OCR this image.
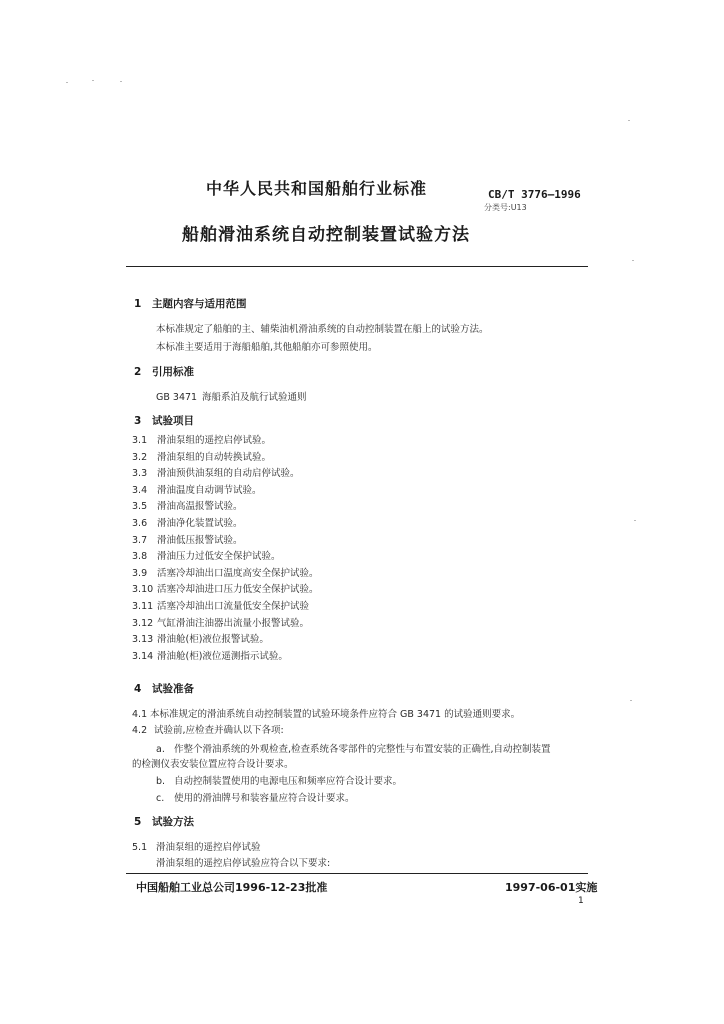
中华人民共和国船舶行业标准	CB/T 3776—1996
分类号:U13
船舶滑油系统自动控制装置试验方法
1 主题内容与适用范围
本标准规定了船舶的主、辅柴油机滑油系统的自动控制装置在船上的试验方法。
本标准主要适用于海船船舶,其他船舶亦可参照使用。
2 引用标准
GB 3471 海船系泊及航行试验通则
3 试验项目
3.1 滑油泵组的遥控启停试验。
3.2 滑油泵组的自动转换试验。
3.3 滑油预供油泵组的自动启停试验。
3.4 滑油温度自动调节试验。
3.5 滑油高温报警试验。
3.6 滑油净化装置试验。
3.7 滑油低压报警试验。
3.8 滑油压力过低安全保护试验。
3.9 活塞冷却油出口温度高安全保护试验。
3.10 活塞冷却油进口压力低安全保护试验。
3.11 活塞冷却油出口流量低安全保护试验
3.12 气缸滑油注油器出流量小报警试验。
3.13 滑油舱(柜)液位报警试验。
3.14 滑油舱(柜)液位遥测指示试验。
4 试验准备
4.1 本标准规定的滑油系统自动控制装置的试验环境条件应符合 GB 3471 的试验通则要求。
4.2 试验前,应检查并确认以下各项:
a. 作整个滑油系统的外观检查,检查系统各零部件的完整性与布置安装的正确性,自动控制装置
的检测仪表安装位置应符合设计要求。
b. 自动控制装置使用的电源电压和频率应符合设计要求。
c. 使用的滑油牌号和装容量应符合设计要求。
5 试验方法
5.1 滑油泵组的遥控启停试验
滑油泵组的遥控启停试验应符合以下要求:
中国船舶工业总公司1996-12-23批准	1997-06-01实施
1
